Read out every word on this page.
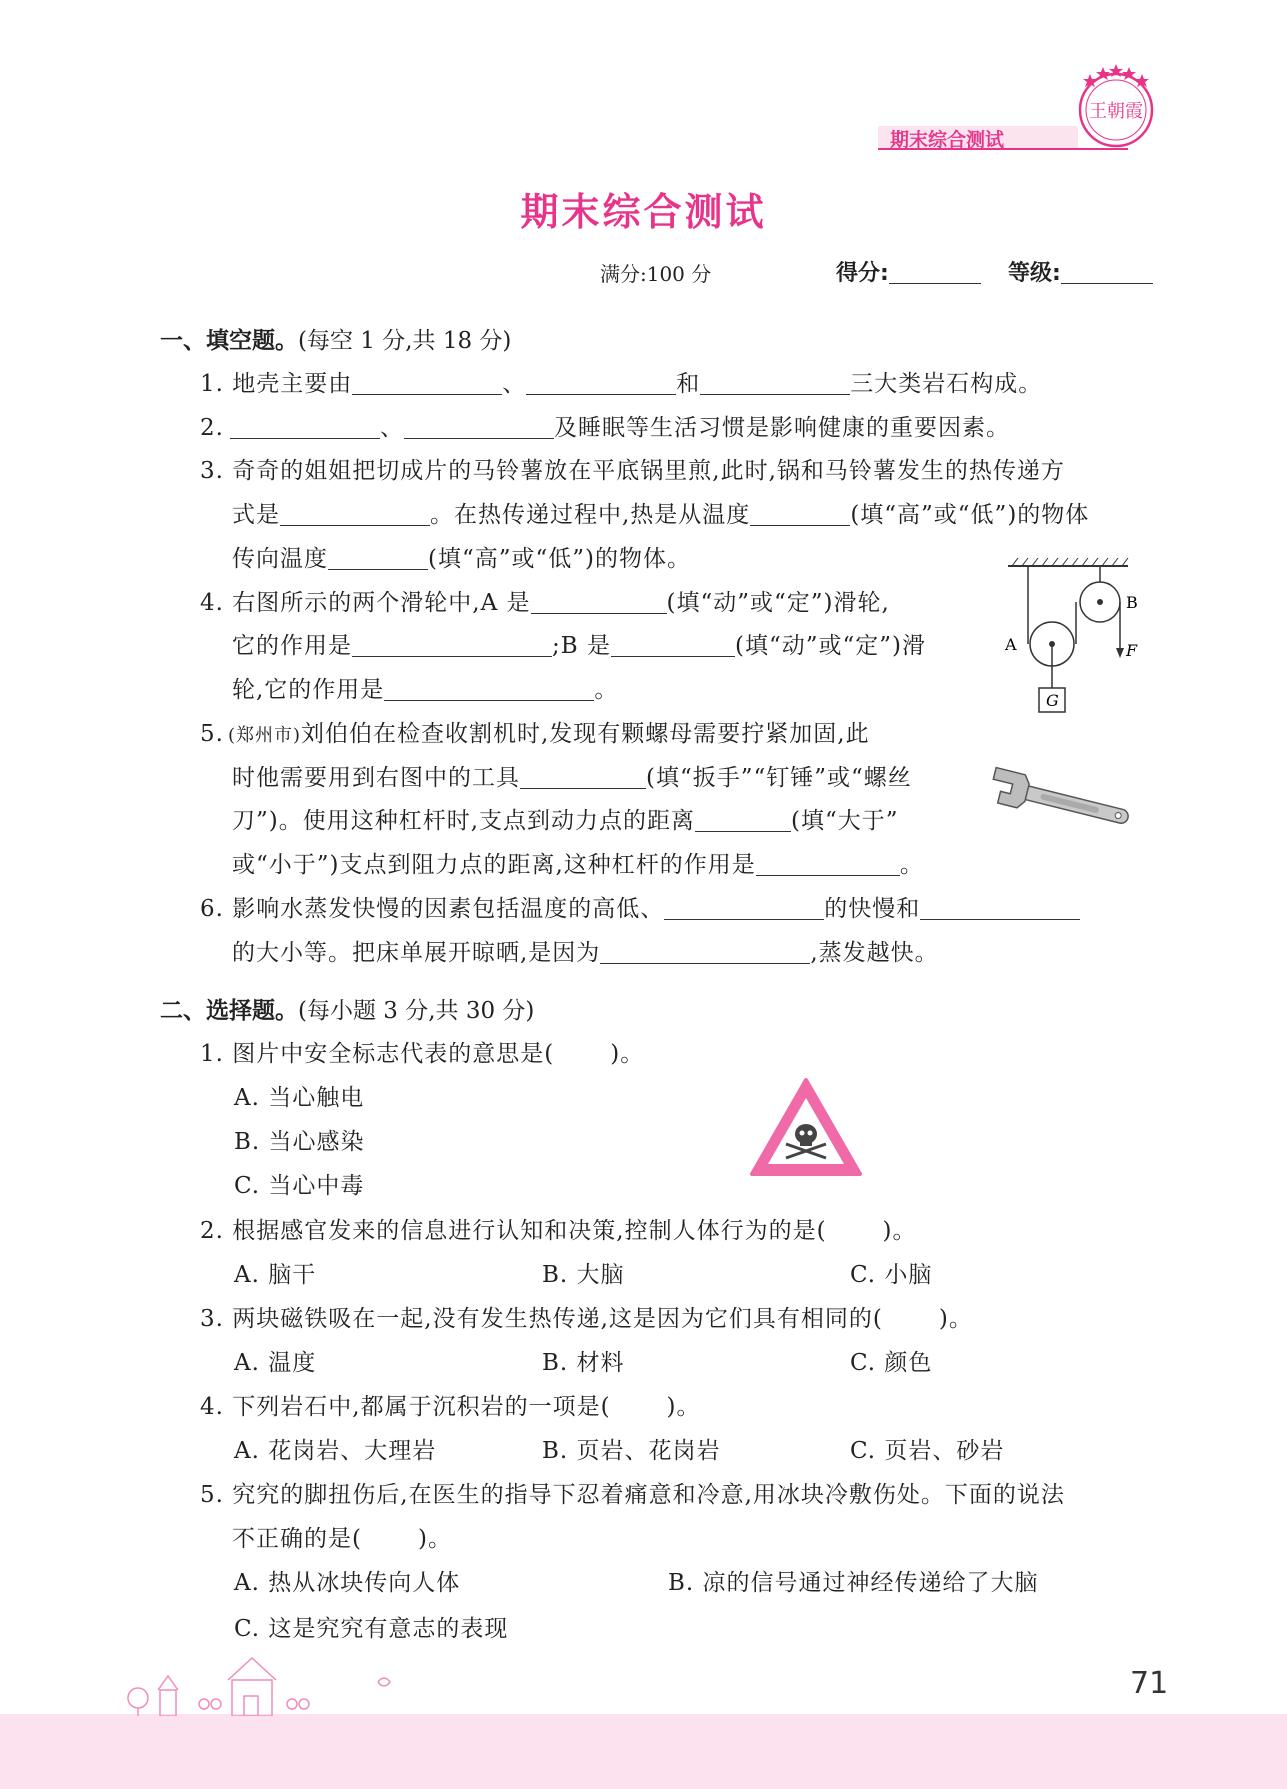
王朝霞
期末综合测试
期末综合测试
满分:100 分	得分:	等级:
一、填空题。(每空 1 分,共 18 分)
1. 地壳主要由	、	和	三大类岩石构成。
2.	、	及睡眠等生活习惯是影响健康的重要因素。
3. 奇奇的姐姐把切成片的马铃薯放在平底锅里煎,此时,锅和马铃薯发生的热传递方
式是	。在热传递过程中,热是从温度	(填“高”或“低”)的物体
传向温度	(填“高”或“低”)的物体。
A
B
F
G
4. 右图所示的两个滑轮中,A 是	(填“动”或“定”)滑轮,
它的作用是	;B 是	(填“动”或“定”)滑
轮,它的作用是	。
5. (郑州市)刘伯伯在检查收割机时,发现有颗螺母需要拧紧加固,此
时他需要用到右图中的工具	(填“扳手”“钉锤”或“螺丝
刀”)。使用这种杠杆时,支点到动力点的距离	(填“大于”
或“小于”)支点到阻力点的距离,这种杠杆的作用是	。
6. 影响水蒸发快慢的因素包括温度的高低、	的快慢和
的大小等。把床单展开晾晒,是因为	,蒸发越快。
二、选择题。(每小题 3 分,共 30 分)
1. 图片中安全标志代表的意思是( )。
A. 当心触电
B. 当心感染
C. 当心中毒
2. 根据感官发来的信息进行认知和决策,控制人体行为的是( )。
A. 脑干	B. 大脑	C. 小脑
3. 两块磁铁吸在一起,没有发生热传递,这是因为它们具有相同的( )。
A. 温度	B. 材料	C. 颜色
4. 下列岩石中,都属于沉积岩的一项是( )。
A. 花岗岩、大理岩	B. 页岩、花岗岩	C. 页岩、砂岩
5. 究究的脚扭伤后,在医生的指导下忍着痛意和冷意,用冰块冷敷伤处。下面的说法
不正确的是( )。
A. 热从冰块传向人体	B. 凉的信号通过神经传递给了大脑
C. 这是究究有意志的表现
71
